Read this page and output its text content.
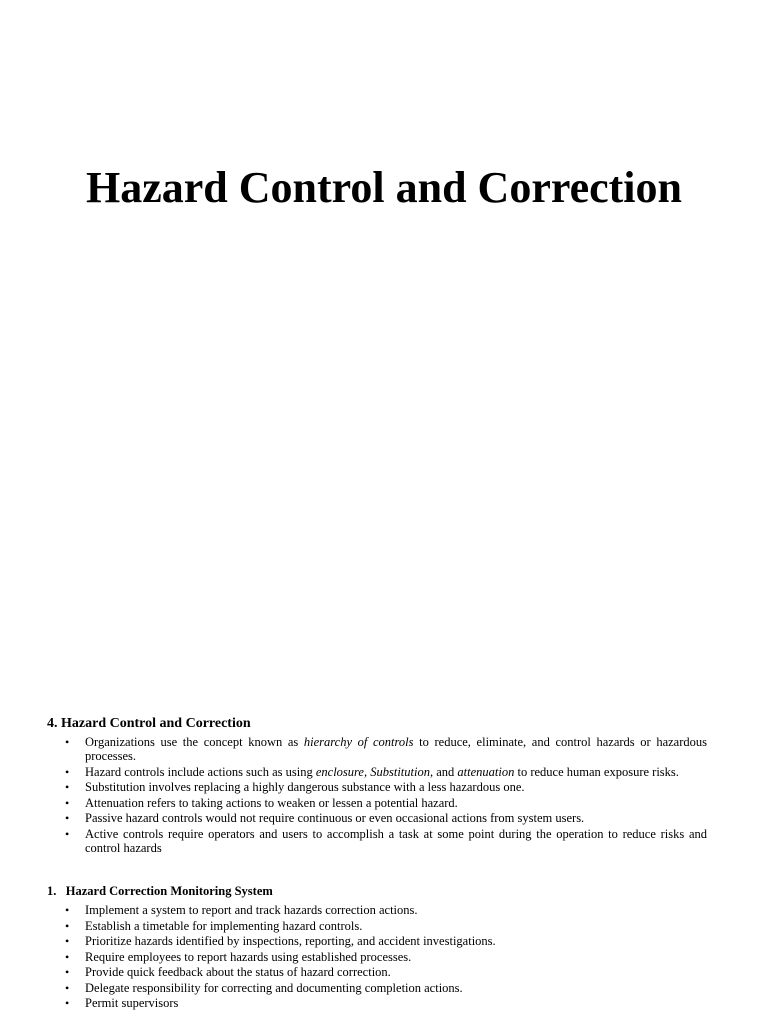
Hazard Control and Correction

4. Hazard Control and Correction

• Organizations use the concept known as hierarchy of controls to reduce, eliminate, and control hazards or hazardous processes.
• Hazard controls include actions such as using enclosure, Substitution, and attenuation to reduce human exposure risks.
• Substitution involves replacing a highly dangerous substance with a less hazardous one.
• Attenuation refers to taking actions to weaken or lessen a potential hazard.
• Passive hazard controls would not require continuous or even occasional actions from system users.
• Active controls require operators and users to accomplish a task at some point during the operation to reduce risks and control hazards

1.   Hazard Correction Monitoring System

• Implement a system to report and track hazards correction actions.
• Establish a timetable for implementing hazard controls.
• Prioritize hazards identified by inspections, reporting, and accident investigations.
• Require employees to report hazards using established processes.
• Provide quick feedback about the status of hazard correction.
• Delegate responsibility for correcting and documenting completion actions.
• Permit supervisors
